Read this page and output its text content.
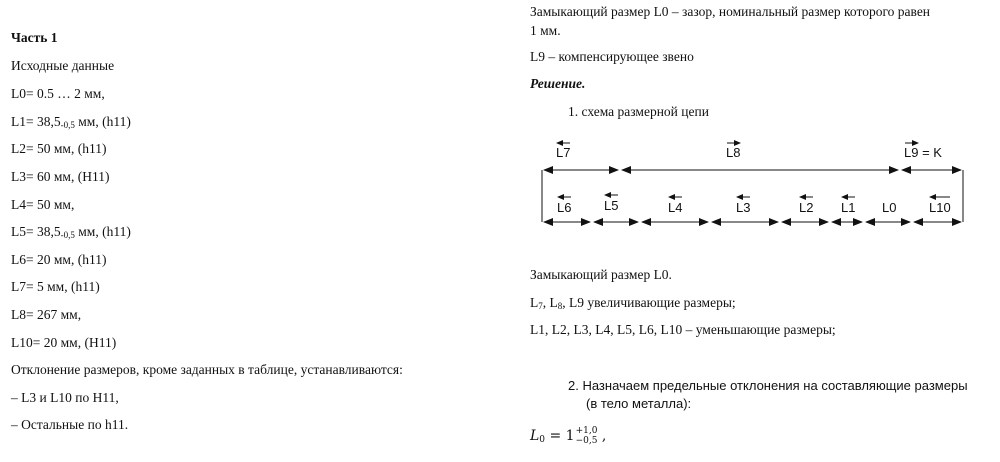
Часть 1
Исходные данные
L0= 0.5 … 2 мм,
$L1= 38,5_{-0,5}$ мм, (h11)
L2= 50 мм, (h11)
L3= 60 мм, (H11)
L4= 50 мм,
$L5= 38,5_{-0,5}$ мм, (h11)
L6= 20 мм, (h11)
L7= 5 мм, (h11)
L8= 267 мм,
L10= 20 мм, (H11)
Отклонение размеров, кроме заданных в таблице, устанавливаются:
– L3 и L10 по H11,
– Остальные по h11.
Замыкающий размер L0 – зазор, номинальный размер которого равен
1 мм.
L9 – компенсирующее звено
Решение.
1. схема размерной цепи
L7	L8	L9 = K
L6	L5	L4	L3	L2 L1 L0	L10
Замыкающий размер L0.
$L_7$, $L_8$, L9 увеличивающие размеры;
L1, L2, L3, L4, L5, L6, L10 – уменьшающие размеры;
2. Назначаем предельные отклонения на составляющие размеры
(в тело металла):
$L_0 = 1 +1,0$
−0,5 ,
